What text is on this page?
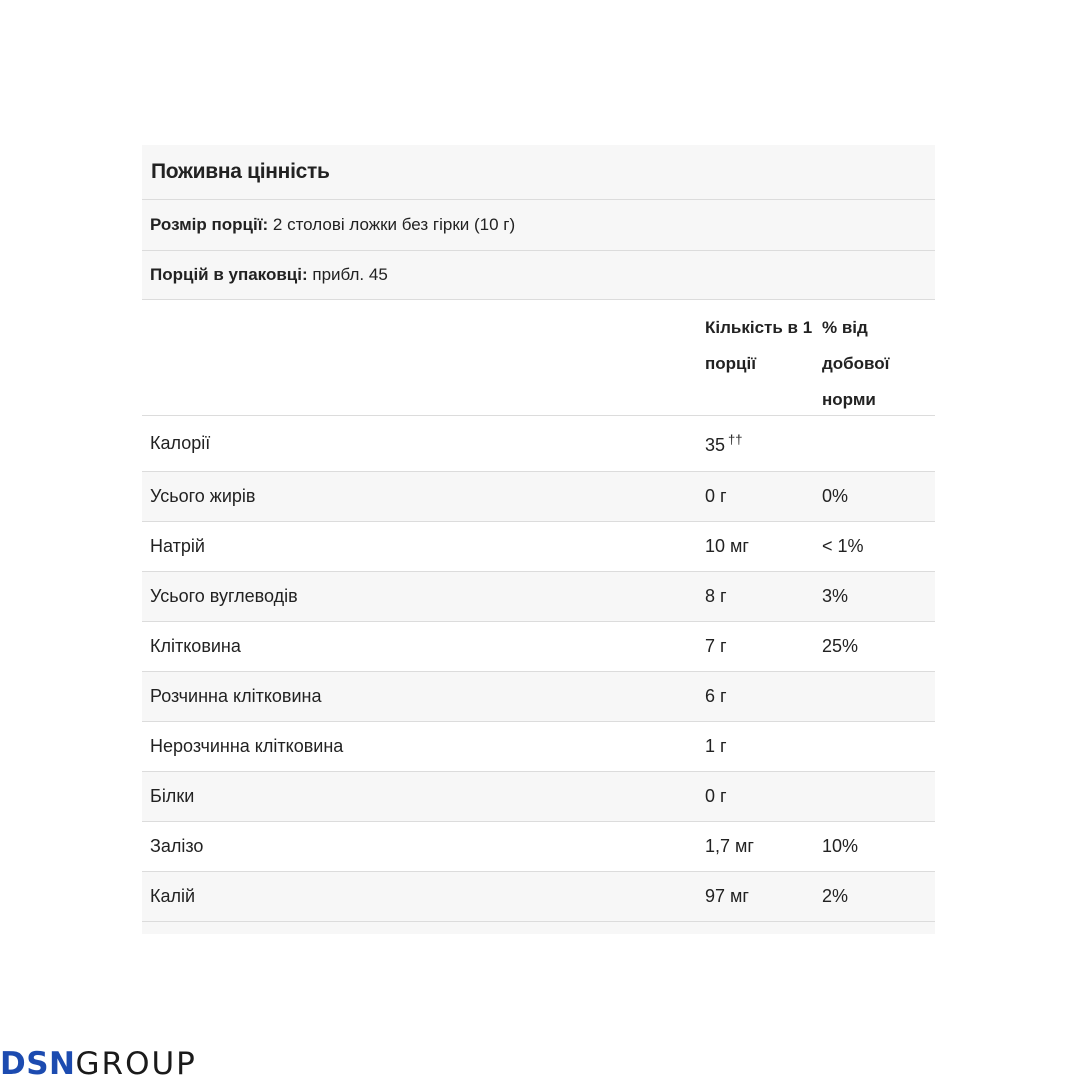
Поживна цінність
Розмір порції:
2 столові ложки без гірки (10 г)
Порцій в упаковці:
прибл. 45
Кількість в 1 порції
% від добової норми
Калорії	35 ††
Усього жирів	0 г	0%
Натрій	10 мг	< 1%
Усього вуглеводів	8 г	3%
Клітковина	7 г	25%
Розчинна клітковина	6 г
Нерозчинна клітковина	1 г
Білки	0 г
Залізо	1,7 мг	10%
Калій	97 мг	2%
DSNGROUP
